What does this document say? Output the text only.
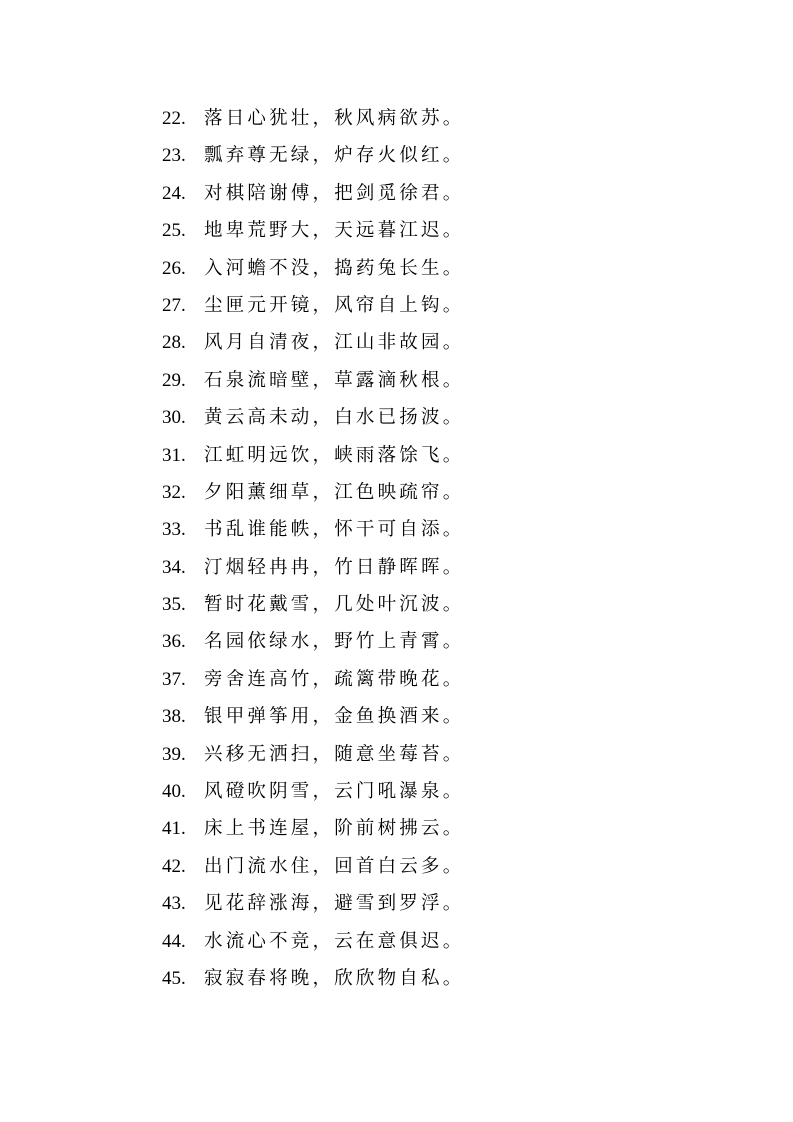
22. 落日心犹壮，秋风病欲苏。
23. 瓢弃尊无绿，炉存火似红。
24. 对棋陪谢傅，把剑觅徐君。
25. 地卑荒野大，天远暮江迟。
26. 入河蟾不没，捣药兔长生。
27. 尘匣元开镜，风帘自上钩。
28. 风月自清夜，江山非故园。
29. 石泉流暗壁，草露滴秋根。
30. 黄云高未动，白水已扬波。
31. 江虹明远饮，峡雨落馀飞。
32. 夕阳薰细草，江色映疏帘。
33. 书乱谁能帙，怀干可自添。
34. 汀烟轻冉冉，竹日静晖晖。
35. 暂时花戴雪，几处叶沉波。
36. 名园依绿水，野竹上青霄。
37. 旁舍连高竹，疏篱带晚花。
38. 银甲弹筝用，金鱼换酒来。
39. 兴移无洒扫，随意坐莓苔。
40. 风磴吹阴雪，云门吼瀑泉。
41. 床上书连屋，阶前树拂云。
42. 出门流水住，回首白云多。
43. 见花辞涨海，避雪到罗浮。
44. 水流心不竞，云在意俱迟。
45. 寂寂春将晚，欣欣物自私。
